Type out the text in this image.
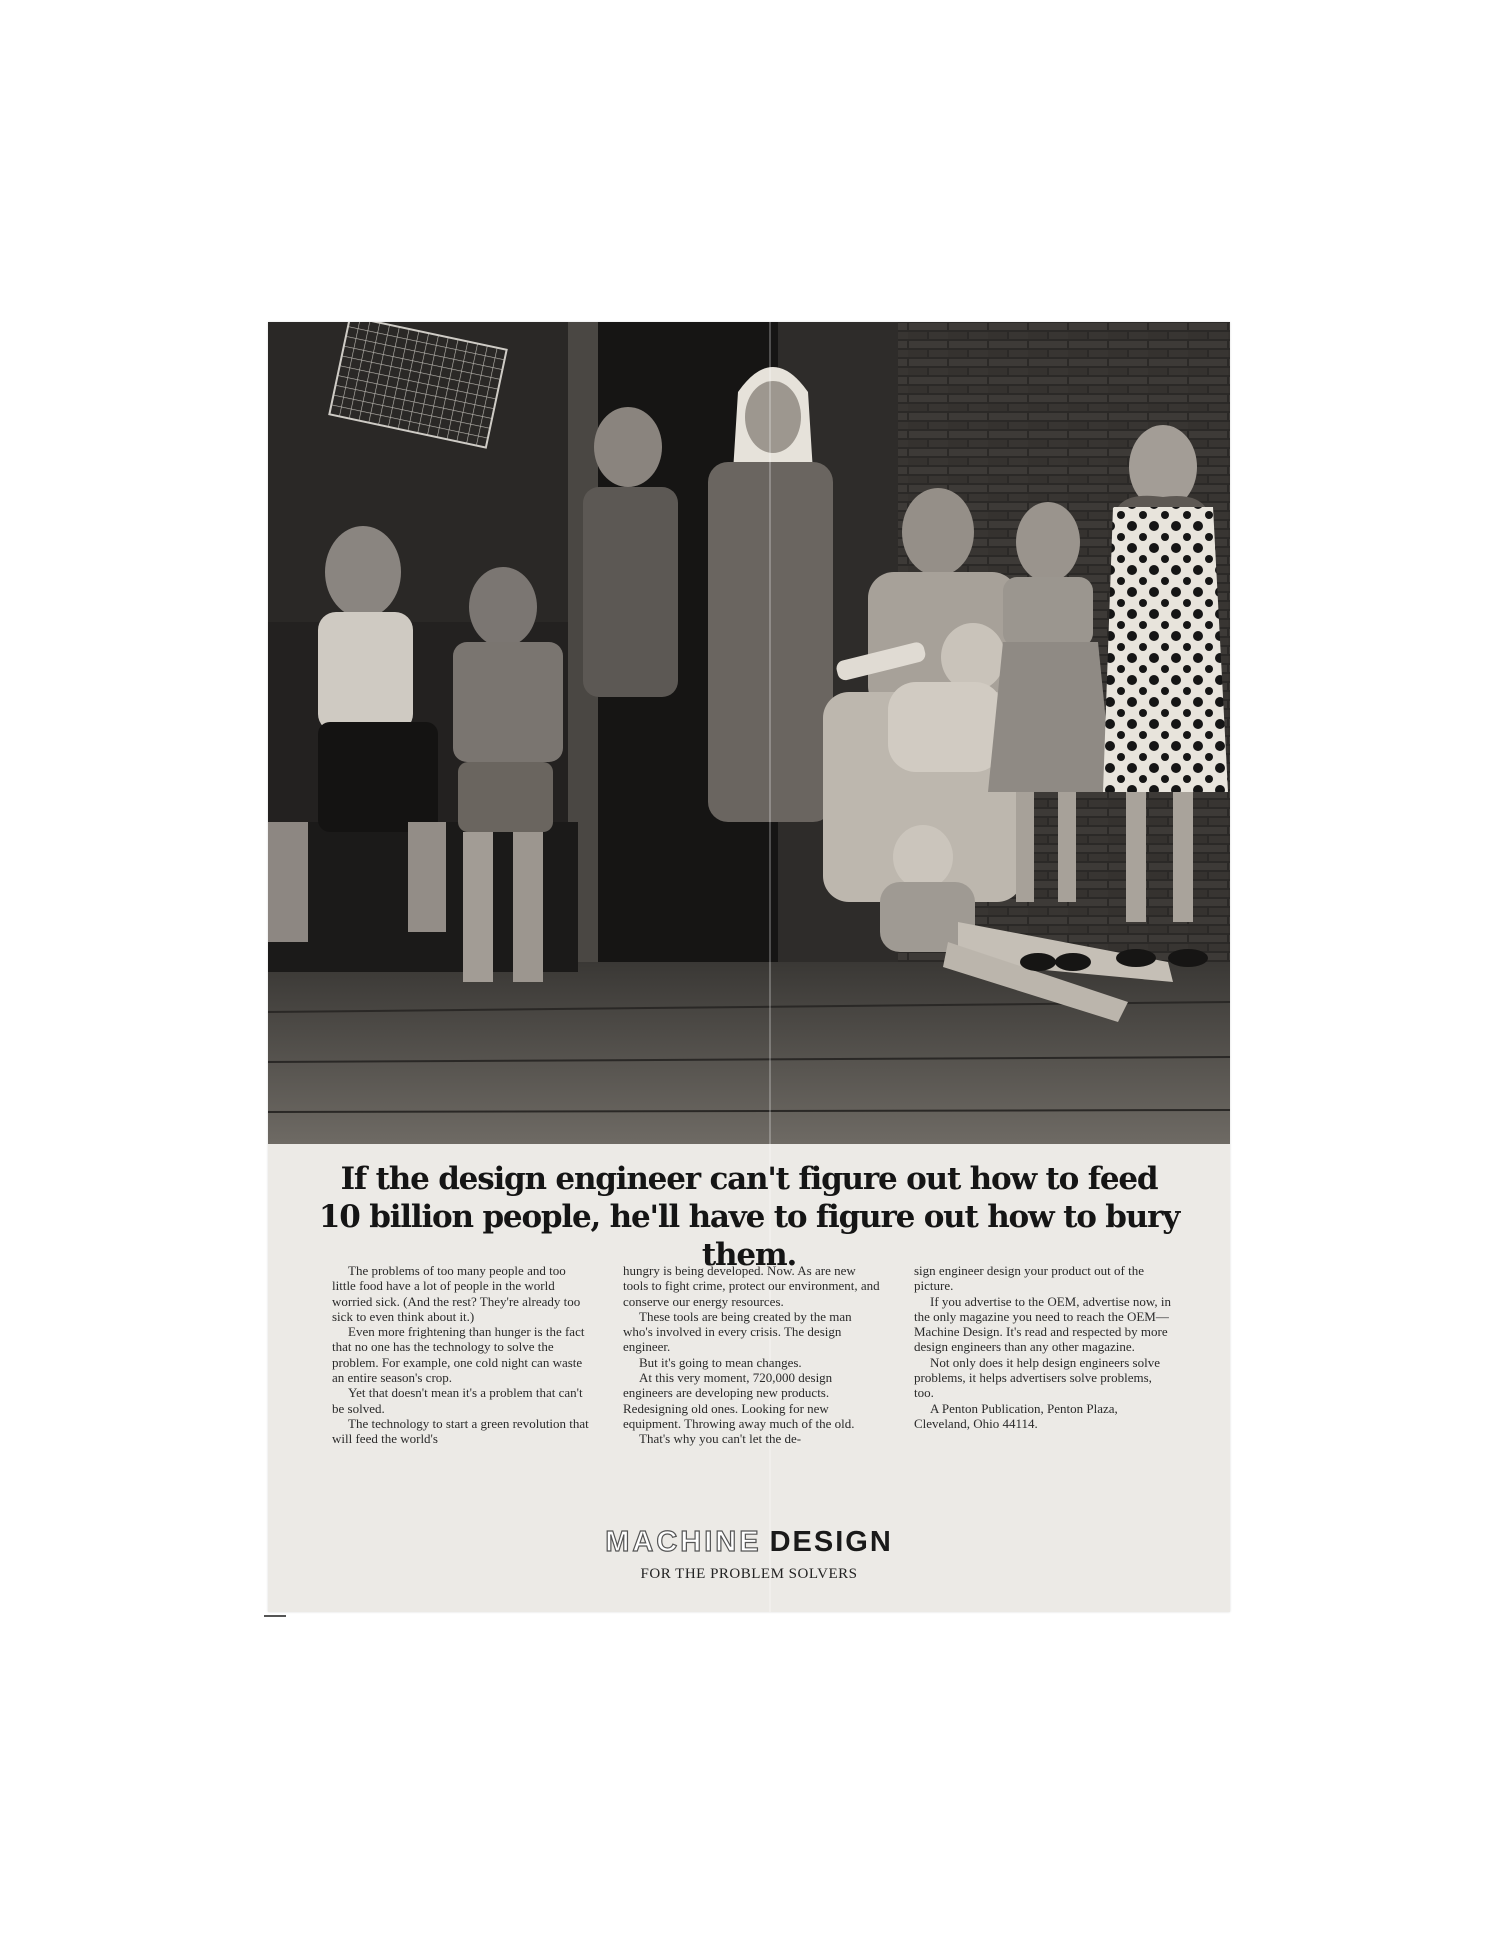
If the design engineer can't figure out how to feed
10 billion people, he'll have to figure out how to bury them.

The problems of too many people and too little food have a lot of people in the world worried sick. (And the rest? They're already too sick to even think about it.)

Even more frightening than hunger is the fact that no one has the technology to solve the problem. For example, one cold night can waste an entire season's crop.

Yet that doesn't mean it's a problem that can't be solved.

The technology to start a green revolution that will feed the world's

hungry is being developed. Now. As are new tools to fight crime, protect our environment, and conserve our energy resources.

These tools are being created by the man who's involved in every crisis. The design engineer.

But it's going to mean changes.

At this very moment, 720,000 design engineers are developing new products. Redesigning old ones. Looking for new equipment. Throwing away much of the old.

That's why you can't let the de-

sign engineer design your product out of the picture.

If you advertise to the OEM, advertise now, in the only magazine you need to reach the OEM—Machine Design. It's read and respected by more design engineers than any other magazine.

Not only does it help design engineers solve problems, it helps advertisers solve problems, too.

A Penton Publication, Penton Plaza, Cleveland, Ohio 44114.

MACHINE DESIGN
FOR THE PROBLEM SOLVERS
